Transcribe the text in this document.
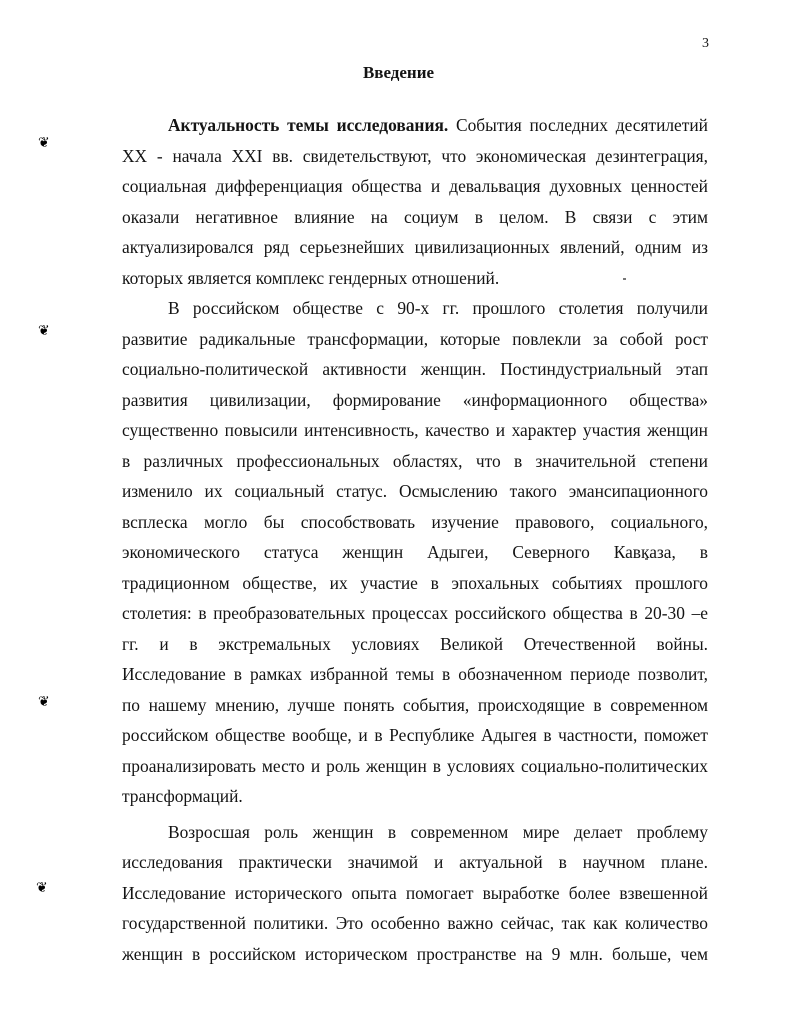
3
Введение
❦
❦
❦
❦
Актуальность темы исследования. События последних десятилетий
XX - начала XXI вв. свидетельствуют, что экономическая дезинтеграция,
социальная дифференциация общества и девальвация духовных ценностей
оказали негативное влияние на социум в целом. В связи с этим
актуализировался ряд серьезнейших цивилизационных явлений, одним из
которых является комплекс гендерных отношений.
В российском обществе с 90-х гг. прошлого столетия получили
развитие радикальные трансформации, которые повлекли за собой рост
социально-политической активности женщин. Постиндустриальный этап
развития цивилизации, формирование «информационного общества»
существенно повысили интенсивность, качество и характер участия женщин
в различных профессиональных областях, что в значительной степени
изменило их социальный статус. Осмыслению такого эмансипационного
всплеска могло бы способствовать изучение правового, социального,
экономического статуса женщин Адыгеи, Северного Кавказа, в
традиционном обществе, их участие в эпохальных событиях прошлого
столетия: в преобразовательных процессах российского общества в 20-30 –е
гг. и в экстремальных условиях Великой Отечественной войны.
Исследование в рамках избранной темы в обозначенном периоде позволит,
по нашему мнению, лучше понять события, происходящие в современном
российском обществе вообще, и в Республике Адыгея в частности, поможет
проанализировать место и роль женщин в условиях социально-политических
трансформаций.
Возросшая роль женщин в современном мире делает проблему
исследования практически значимой и актуальной в научном плане.
Исследование исторического опыта помогает выработке более взвешенной
государственной политики. Это особенно важно сейчас, так как количество
женщин в российском историческом пространстве на 9 млн. больше, чем
